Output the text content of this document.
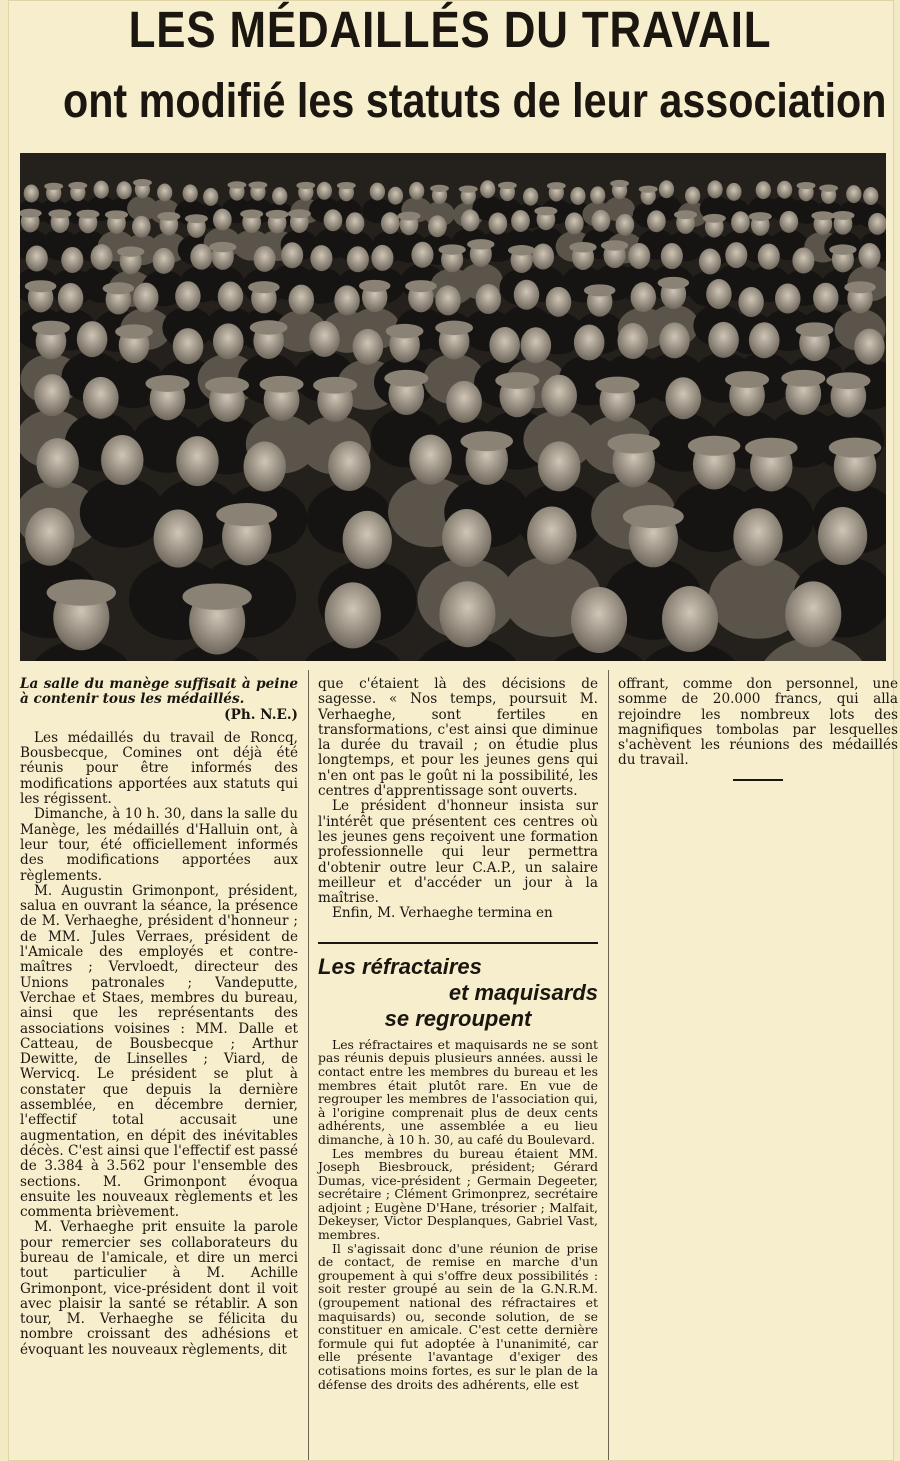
LES MÉDAILLÉS DU TRAVAIL
ont modifié les statuts de leur association

La salle du manège suffisait à peine à contenir tous les médaillés.

(Ph. N.E.)

Les médaillés du travail de Roncq, Bousbecque, Comines ont déjà été réunis pour être informés des modifications apportées aux statuts qui les régissent.

Dimanche, à 10 h. 30, dans la salle du Manège, les médaillés d'Halluin ont, à leur tour, été officiellement informés des modifications apportées aux règlements.

M. Augustin Grimonpont, président, salua en ouvrant la séance, la présence de M. Verhaeghe, président d'honneur ; de MM. Jules Verraes, président de l'Amicale des employés et contre-maîtres ; Vervloedt, directeur des Unions patronales ; Vandeputte, Verchae et Staes, membres du bureau, ainsi que les représentants des associations voisines : MM. Dalle et Catteau, de Bousbecque ; Arthur Dewitte, de Linselles ; Viard, de Wervicq. Le président se plut à constater que depuis la dernière assemblée, en décembre dernier, l'effectif total accusait une augmentation, en dépit des inévitables décès. C'est ainsi que l'effectif est passé de 3.384 à 3.562 pour l'ensemble des sections. M. Grimonpont évoqua ensuite les nouveaux règlements et les commenta brièvement.

M. Verhaeghe prit ensuite la parole pour remercier ses collaborateurs du bureau de l'amicale, et dire un merci tout particulier à M. Achille Grimonpont, vice-président dont il voit avec plaisir la santé se rétablir. A son tour, M. Verhaeghe se félicita du nombre croissant des adhésions et évoquant les nouveaux règlements, dit

que c'étaient là des décisions de sagesse. « Nos temps, poursuit M. Verhaeghe, sont fertiles en transformations, c'est ainsi que diminue la durée du travail ; on étudie plus longtemps, et pour les jeunes gens qui n'en ont pas le goût ni la possibilité, les centres d'apprentissage sont ouverts.

Le président d'honneur insista sur l'intérêt que présentent ces centres où les jeunes gens reçoivent une formation professionnelle qui leur permettra d'obtenir outre leur C.A.P., un salaire meilleur et d'accéder un jour à la maîtrise.

Enfin, M. Verhaeghe termina en

Les réfractaires
et maquisards
se regroupent

Les réfractaires et maquisards ne se sont pas réunis depuis plusieurs années. aussi le contact entre les membres du bureau et les membres était plutôt rare. En vue de regrouper les membres de l'association qui, à l'origine comprenait plus de deux cents adhérents, une assemblée a eu lieu dimanche, à 10 h. 30, au café du Boulevard.

Les membres du bureau étaient MM. Joseph Biesbrouck, président; Gérard Dumas, vice-président ; Germain Degeeter, secrétaire ; Clément Grimonprez, secrétaire adjoint ; Eugène D'Hane, trésorier ; Malfait, Dekeyser, Victor Desplanques, Gabriel Vast, membres.

Il s'agissait donc d'une réunion de prise de contact, de remise en marche d'un groupement à qui s'offre deux possibilités : soit rester groupé au sein de la G.N.R.M. (groupement national des réfractaires et maquisards) ou, seconde solution, de se constituer en amicale. C'est cette dernière formule qui fut adoptée à l'unanimité, car elle présente l'avantage d'exiger des cotisations moins fortes, es sur le plan de la défense des droits des adhérents, elle est

offrant, comme don personnel, une somme de 20.000 francs, qui alla rejoindre les nombreux lots des magnifiques tombolas par lesquelles s'achèvent les réunions des médaillés du travail.
